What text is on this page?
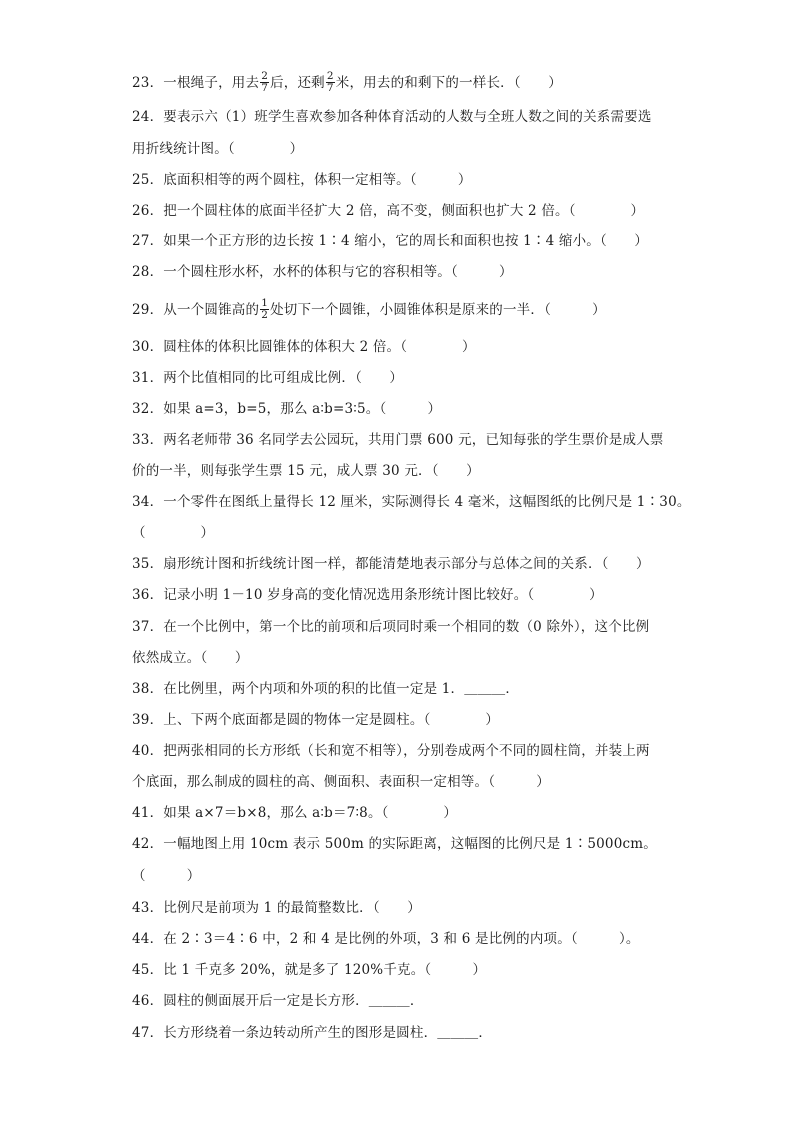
23．一根绳子，用去 $\frac{2}{7}$ 后，还剩 $\frac{2}{7}$ 米，用去的和剩下的一样长．（　　）
24．要表示六（1）班学生喜欢参加各种体育活动的人数与全班人数之间的关系需要选
用折线统计图。（　　　　）
25．底面积相等的两个圆柱，体积一定相等。（　　　）
26．把一个圆柱体的底面半径扩大 2 倍，高不变，侧面积也扩大 2 倍。（　　　　）
27．如果一个正方形的边长按 1∶4 缩小，它的周长和面积也按 1∶4 缩小。（　　）
28．一个圆柱形水杯，水杯的体积与它的容积相等。（　　　）
29．从一个圆锥高的 $\frac{1}{2}$ 处切下一个圆锥，小圆锥体积是原来的一半．（　　　）
30．圆柱体的体积比圆锥体的体积大 2 倍。（　　　　）
31．两个比值相同的比可组成比例．（　　）
32．如果 a=3，b=5，那么 a∶b=3∶5。（　　　）
33．两名老师带 36 名同学去公园玩，共用门票 600 元，已知每张的学生票价是成人票
价的一半，则每张学生票 15 元，成人票 30 元．（　　）
34．一个零件在图纸上量得长 12 厘米，实际测得长 4 毫米，这幅图纸的比例尺是 1∶30。
（　　　　）
35．扇形统计图和折线统计图一样，都能清楚地表示部分与总体之间的关系．（　　）
36．记录小明 1－10 岁身高的变化情况选用条形统计图比较好。（　　　　）
37．在一个比例中，第一个比的前项和后项同时乘一个相同的数（0 除外），这个比例
依然成立。（　　）
38．在比例里，两个内项和外项的积的比值一定是 1．＿＿＿．
39．上、下两个底面都是圆的物体一定是圆柱。（　　　　）
40．把两张相同的长方形纸（长和宽不相等），分别卷成两个不同的圆柱筒，并装上两
个底面，那么制成的圆柱的高、侧面积、表面积一定相等。（　　　）
41．如果 a×7＝b×8，那么 a∶b＝7∶8。（　　　　）
42．一幅地图上用 10cm 表示 500m 的实际距离，这幅图的比例尺是 1∶5000cm。
（　　　）
43．比例尺是前项为 1 的最简整数比．（　　）
44．在 2∶3＝4∶6 中，2 和 4 是比例的外项，3 和 6 是比例的内项。（　　　）。
45．比 1 千克多 20%，就是多了 120%千克。（　　　）
46．圆柱的侧面展开后一定是长方形．＿＿＿．
47．长方形绕着一条边转动所产生的图形是圆柱．＿＿＿．
